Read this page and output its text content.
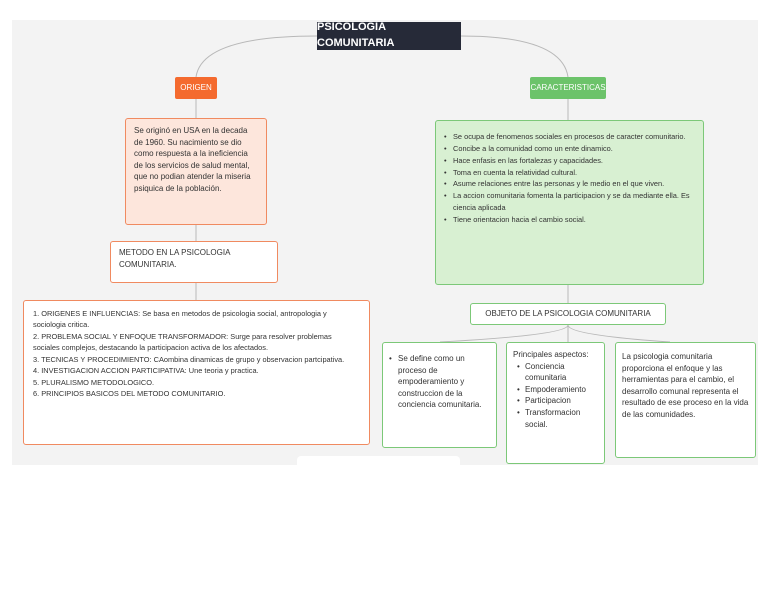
PSICOLOGIA COMUNITARIA
ORIGEN
Se originó en USA en la decada de 1960. Su nacimiento se dio como respuesta a la ineficiencia de los servicios de salud mental, que no podian atender la miseria psiquica de la población.
METODO EN LA PSICOLOGIA COMUNITARIA.
1. ORIGENES E INFLUENCIAS: Se basa en metodos de psicologia social, antropologia y sociologia critica.
2. PROBLEMA SOCIAL Y ENFOQUE TRANSFORMADOR: Surge para resolver problemas sociales complejos, destacando la participacion activa de los afectados.
3. TECNICAS Y PROCEDIMIENTO: CAombina dinamicas de grupo y observacion partcipativa.
4. INVESTIGACION ACCION PARTICIPATIVA: Une teoria y practica.
5. PLURALISMO METODOLOGICO.
6. PRINCIPIOS BASICOS DEL METODO COMUNITARIO.
CARACTERISTICAS
• Se ocupa de fenomenos sociales en procesos de caracter comunitario.
• Concibe a la comunidad como un ente dinamico.
• Hace enfasis en las fortalezas y capacidades.
• Toma en cuenta la relatividad cultural.
• Asume relaciones entre las personas y le medio en el que viven.
• La accion comunitaria fomenta la participacion y se da mediante ella. Es ciencia aplicada
• Tiene orientacion hacia el cambio social.
OBJETO DE LA PSICOLOGIA COMUNITARIA
• Se define como un proceso de empoderamiento y construccion de la conciencia comunitaria.
Principales aspectos:
• Conciencia comunitaria
• Empoderamiento
• Participacion
• Transformacion social.
La psicologia comunitaria proporciona el enfoque y las herramientas para el cambio, el desarrollo comunal representa el resultado de ese proceso en la vida de las comunidades.
